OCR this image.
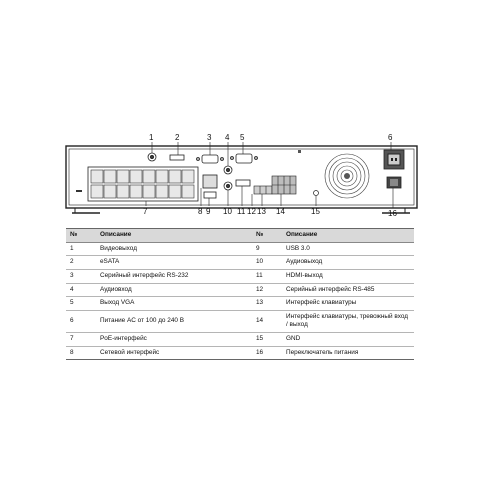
1	2	3 4 5	6
7	8 9 10 11 12 13 14	15	16
№	Описание	№	Описание
1	Видеовыход	9	USB 3.0
2	eSATA	10	Аудиовыход
3	Серийный интерфейс RS-232	11	HDMI-выход
4	Аудиовход	12	Серийный интерфейс RS-485
5	Выход VGA	13	Интерфейс клавиатуры
6	Питание AC от 100 до 240 В	14	Интерфейс клавиатуры, тревожный вход / выход
7	PoE-интерфейс	15	GND
8	Сетевой интерфейс	16	Переключатель питания
